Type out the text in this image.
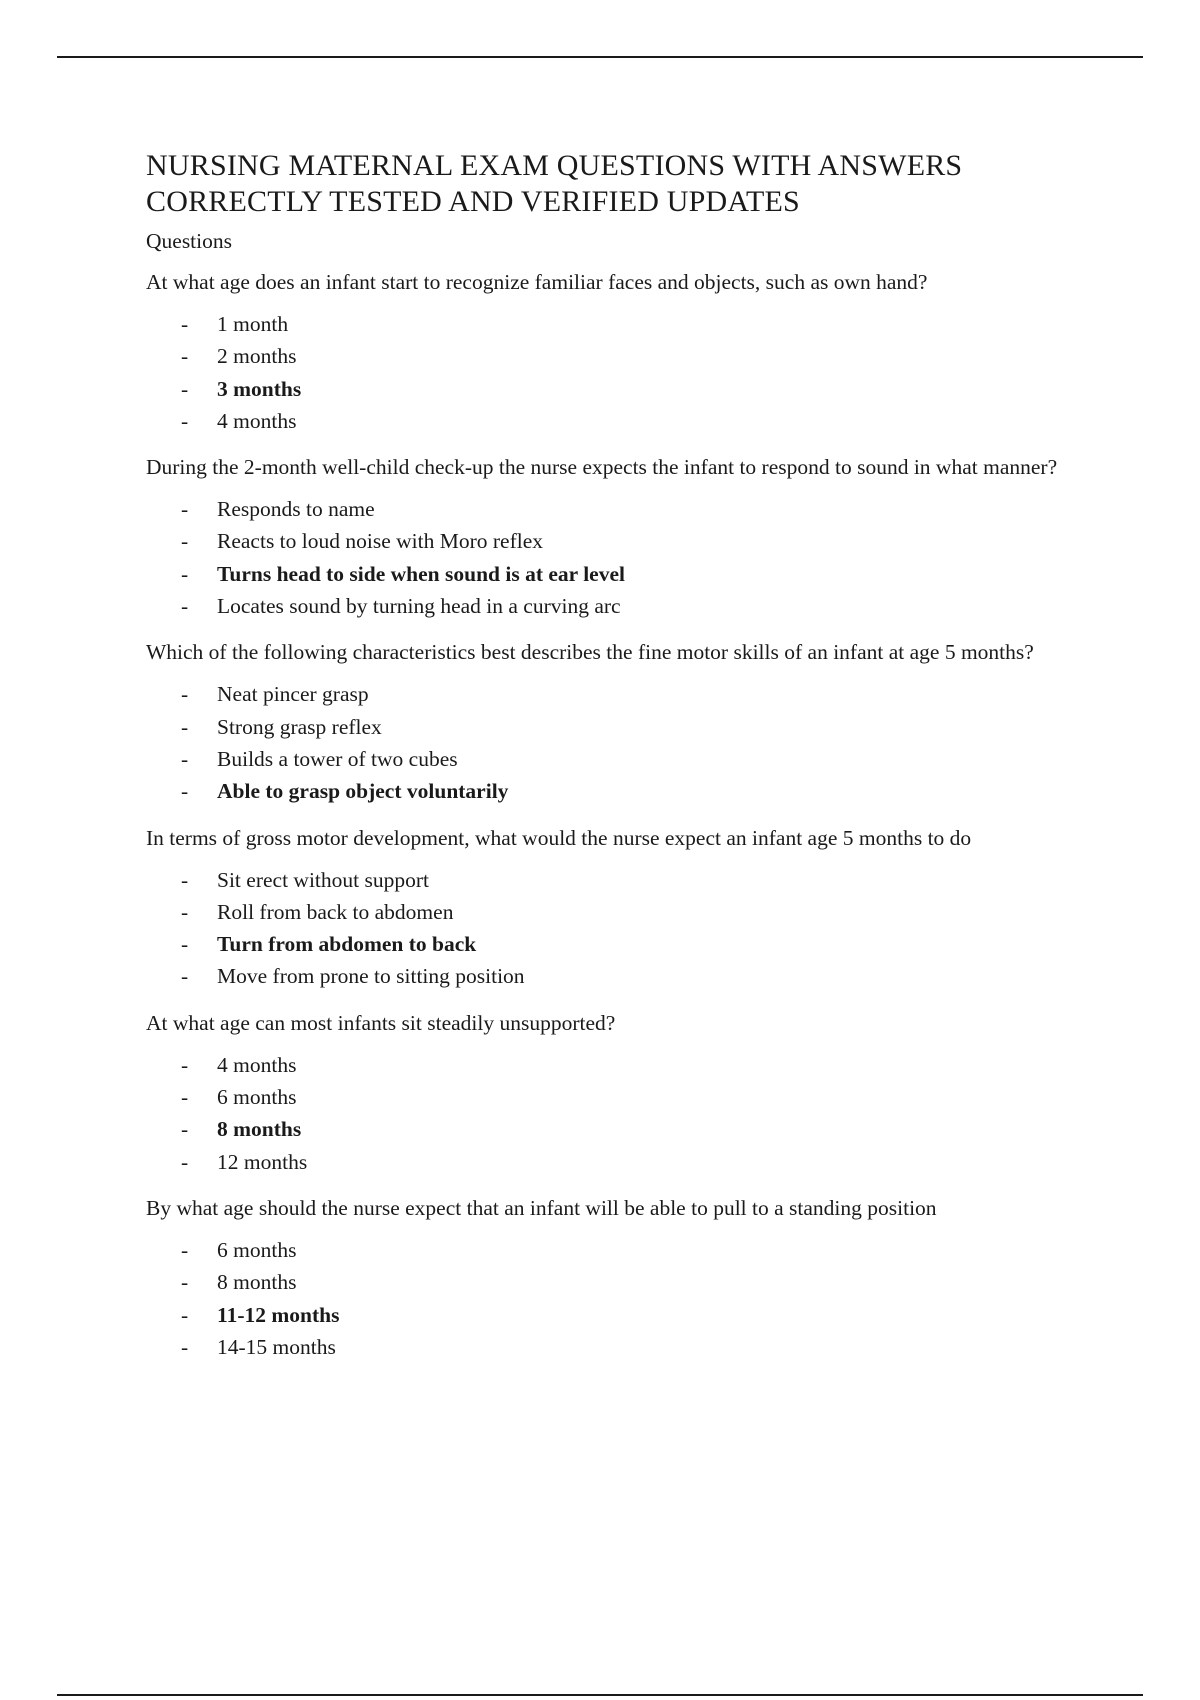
NURSING MATERNAL EXAM QUESTIONS WITH ANSWERS
CORRECTLY TESTED AND VERIFIED UPDATES
Questions
At what age does an infant start to recognize familiar faces and objects, such as own hand?
- 1 month
- 2 months
- 3 months
- 4 months
During the 2-month well-child check-up the nurse expects the infant to respond to sound in what manner?
- Responds to name
- Reacts to loud noise with Moro reflex
- Turns head to side when sound is at ear level
- Locates sound by turning head in a curving arc
Which of the following characteristics best describes the fine motor skills of an infant at age 5 months?
- Neat pincer grasp
- Strong grasp reflex
- Builds a tower of two cubes
- Able to grasp object voluntarily
In terms of gross motor development, what would the nurse expect an infant age 5 months to do
- Sit erect without support
- Roll from back to abdomen
- Turn from abdomen to back
- Move from prone to sitting position
At what age can most infants sit steadily unsupported?
- 4 months
- 6 months
- 8 months
- 12 months
By what age should the nurse expect that an infant will be able to pull to a standing position
- 6 months
- 8 months
- 11-12 months
- 14-15 months
